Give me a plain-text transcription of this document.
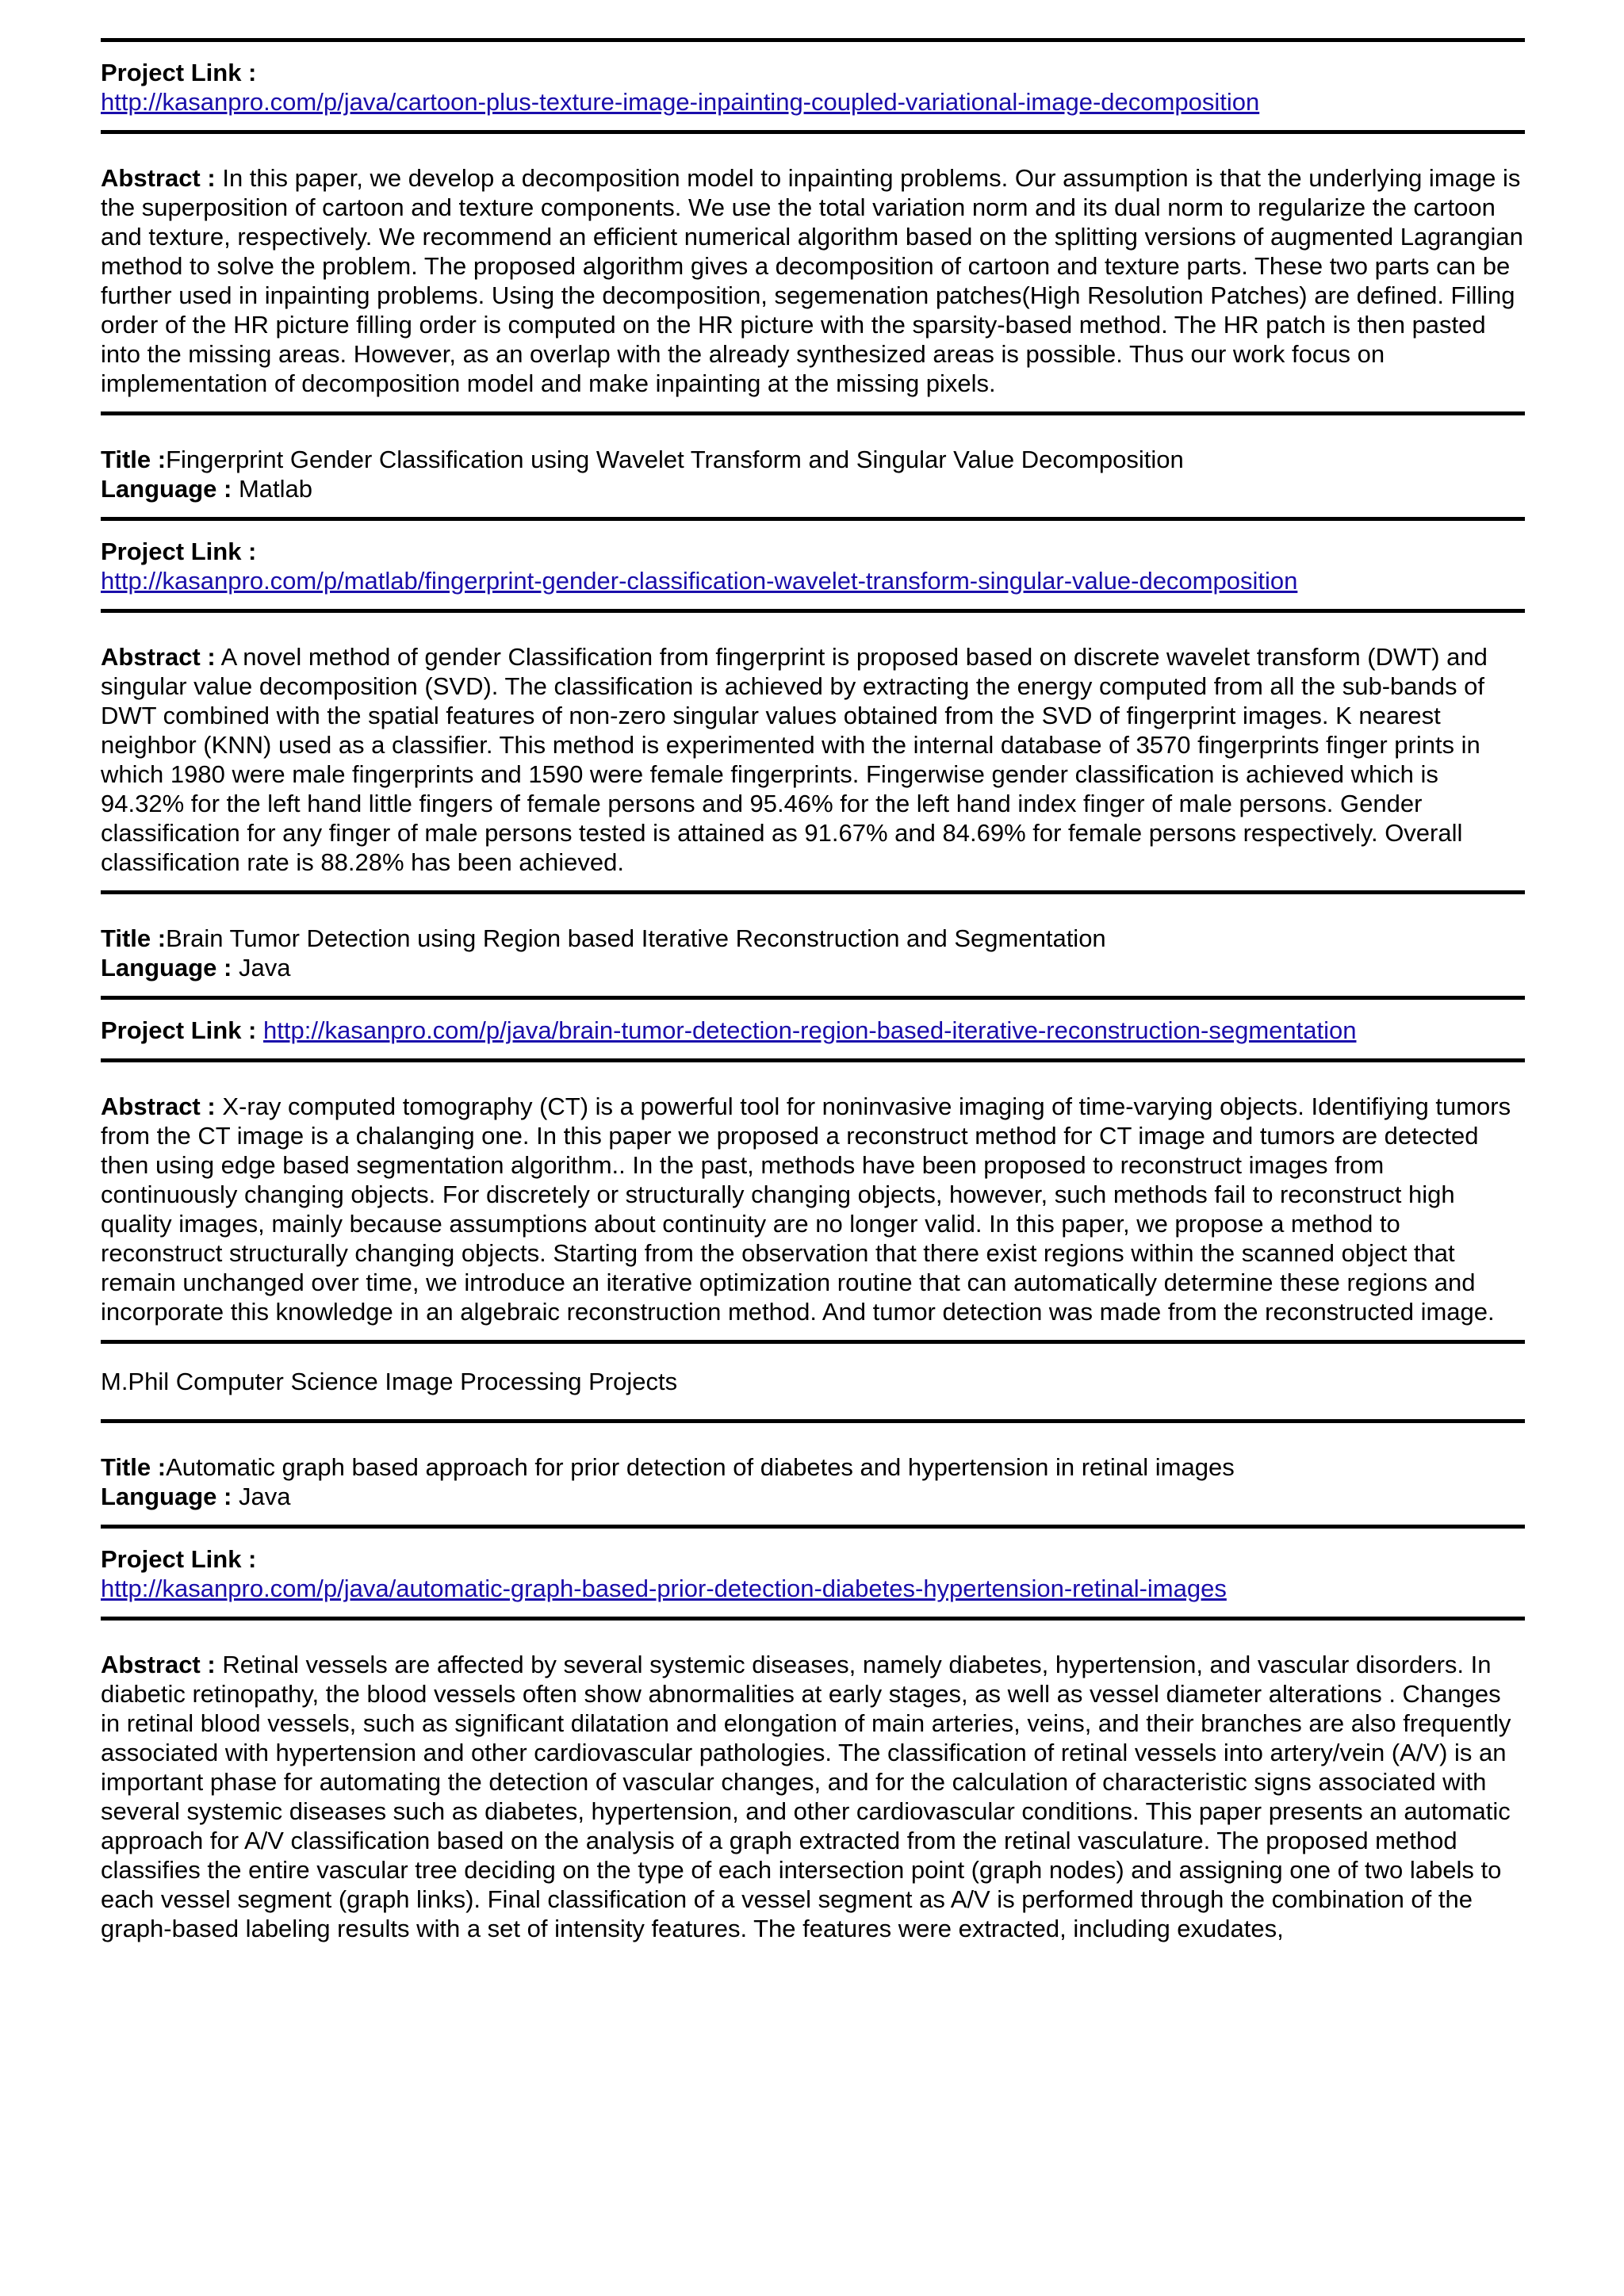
Project Link :

http://kasanpro.com/p/java/cartoon-plus-texture-image-inpainting-coupled-variational-image-decomposition

Abstract : In this paper, we develop a decomposition model to inpainting problems. Our assumption is that the underlying image is the superposition of cartoon and texture components. We use the total variation norm and its dual norm to regularize the cartoon and texture, respectively. We recommend an efficient numerical algorithm based on the splitting versions of augmented Lagrangian method to solve the problem. The proposed algorithm gives a decomposition of cartoon and texture parts. These two parts can be further used in inpainting problems. Using the decomposition, segemenation patches(High Resolution Patches) are defined. Filling order of the HR picture filling order is computed on the HR picture with the sparsity-based method. The HR patch is then pasted into the missing areas. However, as an overlap with the already synthesized areas is possible. Thus our work focus on implementation of decomposition model and make inpainting at the missing pixels.

Title :Fingerprint Gender Classification using Wavelet Transform and Singular Value Decomposition

Language : Matlab

Project Link :

http://kasanpro.com/p/matlab/fingerprint-gender-classification-wavelet-transform-singular-value-decomposition

Abstract : A novel method of gender Classification from fingerprint is proposed based on discrete wavelet transform (DWT) and singular value decomposition (SVD). The classification is achieved by extracting the energy computed from all the sub-bands of DWT combined with the spatial features of non-zero singular values obtained from the SVD of fingerprint images. K nearest neighbor (KNN) used as a classifier. This method is experimented with the internal database of 3570 fingerprints finger prints in which 1980 were male fingerprints and 1590 were female fingerprints. Fingerwise gender classification is achieved which is 94.32% for the left hand little fingers of female persons and 95.46% for the left hand index finger of male persons. Gender classification for any finger of male persons tested is attained as 91.67% and 84.69% for female persons respectively. Overall classification rate is 88.28% has been achieved.

Title :Brain Tumor Detection using Region based Iterative Reconstruction and Segmentation

Language : Java

Project Link : http://kasanpro.com/p/java/brain-tumor-detection-region-based-iterative-reconstruction-segmentation

Abstract : X-ray computed tomography (CT) is a powerful tool for noninvasive imaging of time-varying objects. Identifiying tumors from the CT image is a chalanging one. In this paper we proposed a reconstruct method for CT image and tumors are detected then using edge based segmentation algorithm.. In the past, methods have been proposed to reconstruct images from continuously changing objects. For discretely or structurally changing objects, however, such methods fail to reconstruct high quality images, mainly because assumptions about continuity are no longer valid. In this paper, we propose a method to reconstruct structurally changing objects. Starting from the observation that there exist regions within the scanned object that remain unchanged over time, we introduce an iterative optimization routine that can automatically determine these regions and incorporate this knowledge in an algebraic reconstruction method. And tumor detection was made from the reconstructed image.

M.Phil Computer Science Image Processing Projects

Title :Automatic graph based approach for prior detection of diabetes and hypertension in retinal images

Language : Java

Project Link :

http://kasanpro.com/p/java/automatic-graph-based-prior-detection-diabetes-hypertension-retinal-images

Abstract : Retinal vessels are affected by several systemic diseases, namely diabetes, hypertension, and vascular disorders. In diabetic retinopathy, the blood vessels often show abnormalities at early stages, as well as vessel diameter alterations . Changes in retinal blood vessels, such as significant dilatation and elongation of main arteries, veins, and their branches are also frequently associated with hypertension and other cardiovascular pathologies. The classification of retinal vessels into artery/vein (A/V) is an important phase for automating the detection of vascular changes, and for the calculation of characteristic signs associated with several systemic diseases such as diabetes, hypertension, and other cardiovascular conditions. This paper presents an automatic approach for A/V classification based on the analysis of a graph extracted from the retinal vasculature. The proposed method classifies the entire vascular tree deciding on the type of each intersection point (graph nodes) and assigning one of two labels to each vessel segment (graph links). Final classification of a vessel segment as A/V is performed through the combination of the graph-based labeling results with a set of intensity features. The features were extracted, including exudates,
